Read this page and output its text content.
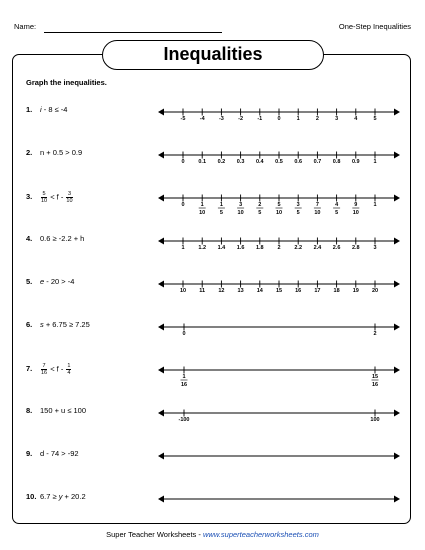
Name:	One-Step Inequalities
Inequalities
Graph the inequalities.
1. i - 8 ≤ -4
2. n + 0.5 > 0.9
3. $\frac{5}{10} < f - \frac{3}{10}$
4. 0.6 ≥ -2.2 + h
5. e - 20 > -4
6. s + 6.75 ≥ 7.25
7. $\frac{7}{16} < f - \frac{1}{4}$
8. 150 + u ≤ 100
9. d - 74 > -92
10. 6.7 ≥ y + 20.2
-5	-4	-3	-2	-1	0	1	2	3	4	5
0	0.1 0.2 0.3 0.4 0.5 0.6 0.7 0.8 0.9	1
0	1
10
1
5
3
10
2
5
5
10
3
5
7
10
4
5
9
10
1
1	1.2 1.4 1.6 1.8	2	2.2 2.4 2.6 2.8	3
10 11 12 13 14 15 16 17 18 19 20
0	2
1
16
15
16
-100	100
Super Teacher Worksheets - www.superteacherworksheets.com
